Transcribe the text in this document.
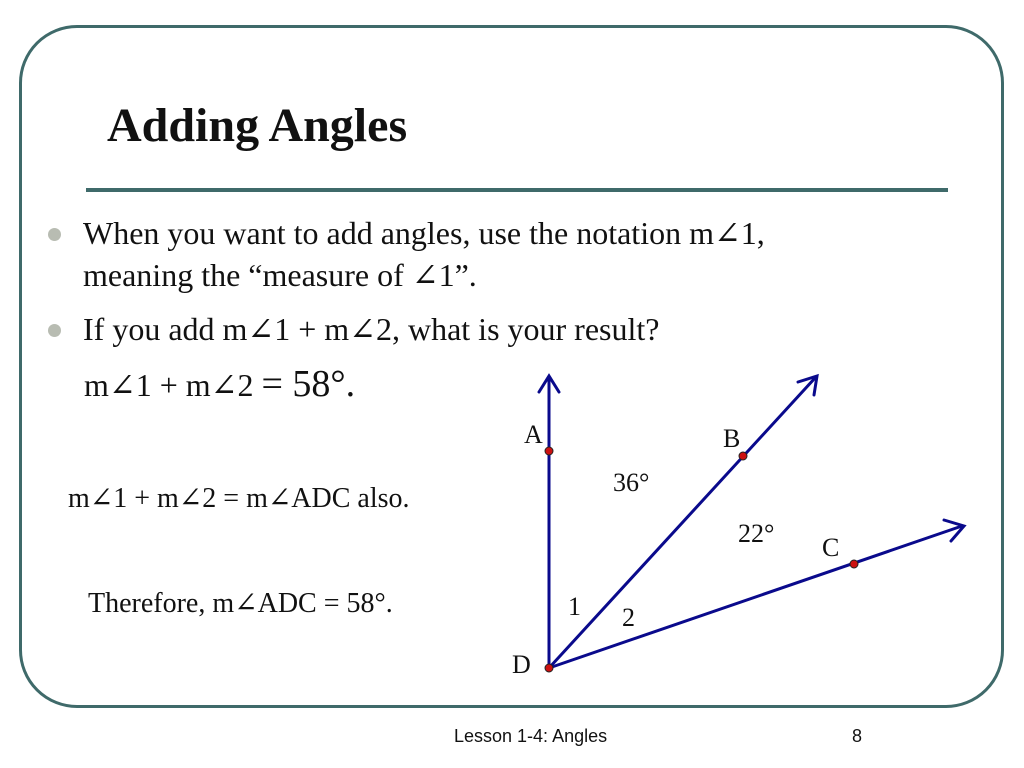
Adding Angles
When you want to add angles, use the notation m∠1,
meaning the “measure of ∠1”.
If you add m∠1 + m∠2, what is your result?
m∠1 + m∠2 = 58°.
m∠1 + m∠2 = m∠ADC also.
Therefore, m∠ADC = 58°.
A	B
C
D
1 2
36°
22°
Lesson 1-4: Angles	8
